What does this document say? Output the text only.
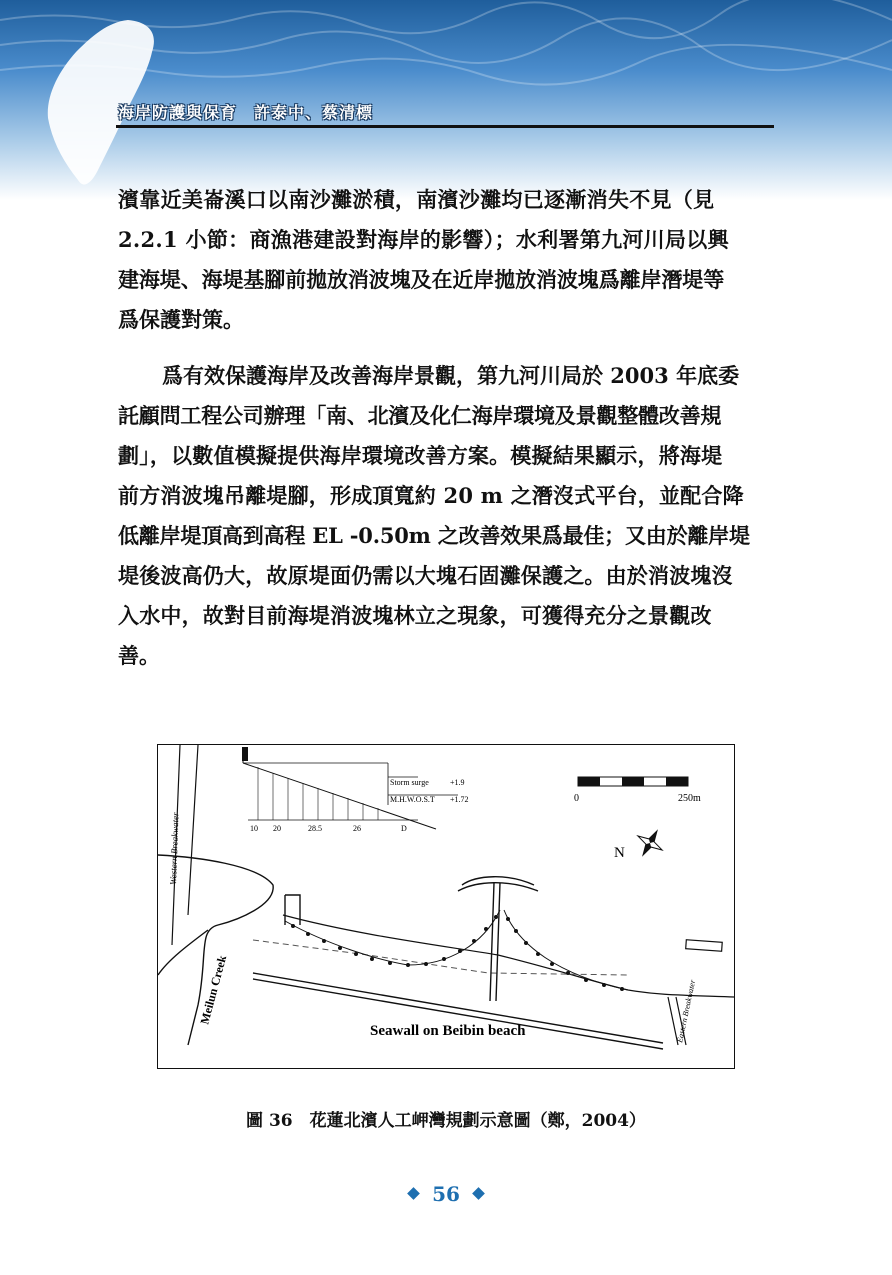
海岸防護與保育　許泰中、蔡清標
濱靠近美崙溪口以南沙灘淤積，南濱沙灘均已逐漸消失不見（見
2.2.1 小節：商漁港建設對海岸的影響）；水利署第九河川局以興
建海堤、海堤基腳前拋放消波塊及在近岸拋放消波塊爲離岸潛堤等
爲保護對策。
爲有效保護海岸及改善海岸景觀，第九河川局於 2003 年底委
託顧問工程公司辦理「南、北濱及化仁海岸環境及景觀整體改善規
劃」，以數值模擬提供海岸環境改善方案。模擬結果顯示，將海堤
前方消波塊吊離堤腳，形成頂寬約 20 m 之潛沒式平台，並配合降
低離岸堤頂高到高程 EL -0.50m 之改善效果爲最佳；又由於離岸堤
堤後波高仍大，故原堤面仍需以大塊石固灘保護之。由於消波塊沒
入水中，故對目前海堤消波塊林立之現象，可獲得充分之景觀改
善。
Western Breakwater
Storm surge	+1.9
M.H.W.O.S.T +1.72
10 20	28.5	26	D
0	250m
N
Meilun Creek
Seawall on Beibin beach	Eastern Breakwater
圖 36　花蓮北濱人工岬灣規劃示意圖（鄭，2004）
56
